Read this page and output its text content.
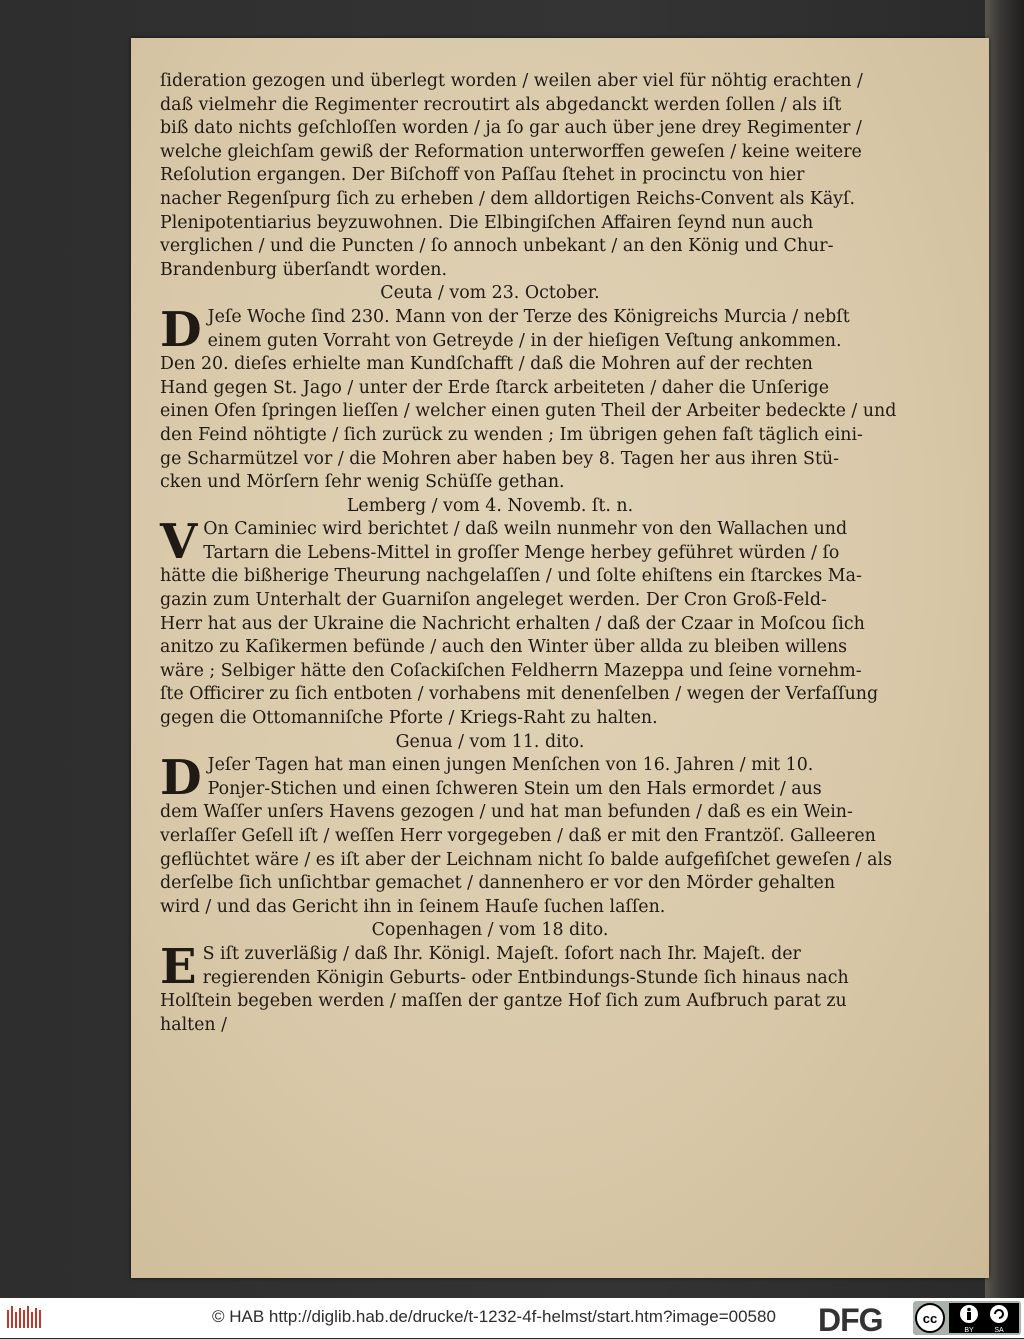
ſideration gezogen und überlegt worden / weilen aber viel für nöhtig erachten /
daß vielmehr die Regimenter recroutirt als abgedanckt werden ſollen / als iſt
biß dato nichts geſchloſſen worden / ja ſo gar auch über jene drey Regimenter /
welche gleichſam gewiß der Reformation unterworffen geweſen / keine weitere
Reſolution ergangen. Der Biſchoff von Paſſau ſtehet in procinctu von hier
nacher Regenſpurg ſich zu erheben / dem alldortigen Reichs-Convent als Käyſ.
Plenipotentiarius beyzuwohnen. Die Elbingiſchen Affairen ſeynd nun auch
verglichen / und die Puncten / ſo annoch unbekant / an den König und Chur-
Brandenburg überſandt worden.
Ceuta / vom 23. October.
D Jeſe Woche ſind 230. Mann von der Terze des Königreichs Murcia / nebſt
einem guten Vorraht von Getreyde / in der hieſigen Veſtung ankommen.
Den 20. dieſes erhielte man Kundſchafft / daß die Mohren auf der rechten
Hand gegen St. Jago / unter der Erde ſtarck arbeiteten / daher die Unſerige
einen Ofen ſpringen lieſſen / welcher einen guten Theil der Arbeiter bedeckte / und
den Feind nöhtigte / ſich zurück zu wenden ; Im übrigen gehen faſt täglich eini-
ge Scharmützel vor / die Mohren aber haben bey 8. Tagen her aus ihren Stü-
cken und Mörſern ſehr wenig Schüſſe gethan.
Lemberg / vom 4. Novemb. ſt. n.
V On Caminiec wird berichtet / daß weiln nunmehr von den Wallachen und
Tartarn die Lebens-Mittel in groſſer Menge herbey geführet würden / ſo
hätte die bißherige Theurung nachgelaſſen / und ſolte ehiſtens ein ſtarckes Ma-
gazin zum Unterhalt der Guarniſon angeleget werden. Der Cron Groß-Feld-
Herr hat aus der Ukraine die Nachricht erhalten / daß der Czaar in Moſcou ſich
anitzo zu Kaſikermen befünde / auch den Winter über allda zu bleiben willens
wäre ; Selbiger hätte den Coſackiſchen Feldherrn Mazeppa und ſeine vornehm-
ſte Officirer zu ſich entboten / vorhabens mit denenſelben / wegen der Verfaſſung
gegen die Ottomanniſche Pforte / Kriegs-Raht zu halten.
Genua / vom 11. dito.
D Jeſer Tagen hat man einen jungen Menſchen von 16. Jahren / mit 10.
Ponjer-Stichen und einen ſchweren Stein um den Hals ermordet / aus
dem Waſſer unſers Havens gezogen / und hat man befunden / daß es ein Wein-
verlaſſer Geſell iſt / weſſen Herr vorgegeben / daß er mit den Frantzöſ. Galleeren
geflüchtet wäre / es iſt aber der Leichnam nicht ſo balde aufgefiſchet geweſen / als
derſelbe ſich unſichtbar gemachet / dannenhero er vor den Mörder gehalten
wird / und das Gericht ihn in ſeinem Hauſe ſuchen laſſen.
Copenhagen / vom 18 dito.
E S iſt zuverläßig / daß Ihr. Königl. Majeſt. ſofort nach Ihr. Majeſt. der
regierenden Königin Geburts- oder Entbindungs-Stunde ſich hinaus nach
Holſtein begeben werden / maſſen der gantze Hof ſich zum Aufbruch parat zu
halten /
© HAB http://diglib.hab.de/drucke/t-1232-4f-helmst/start.htm?image=00580 DFG	cc
BY	SA
